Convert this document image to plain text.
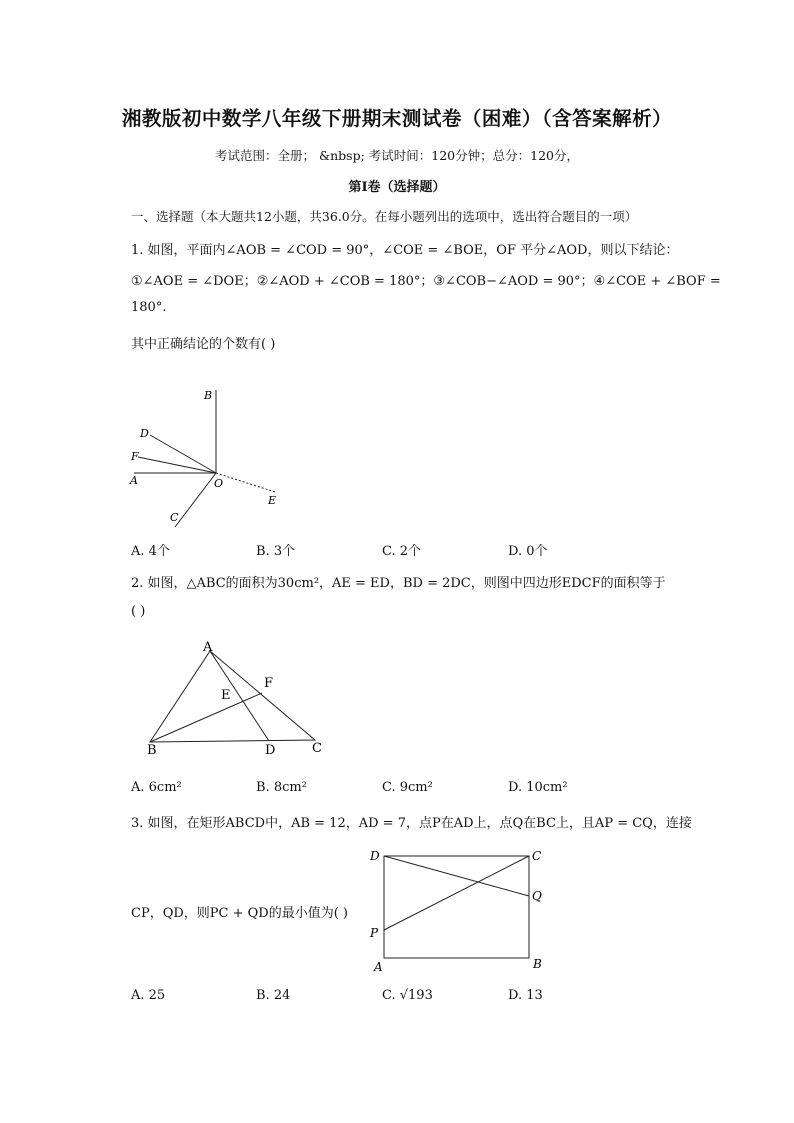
湘教版初中数学八年级下册期末测试卷（困难）（含答案解析）
考试范围：全册； &nbsp; 考试时间：120分钟；总分：120分，
第Ⅰ卷（选择题）
一、选择题（本大题共12小题，共36.0分。在每小题列出的选项中，选出符合题目的一项）
1. 如图，平面内∠AOB = ∠COD = 90°，∠COE = ∠BOE，OF 平分∠AOD，则以下结论：
①∠AOE = ∠DOE；②∠AOD + ∠COB = 180°；③∠COB−∠AOD = 90°；④∠COE + ∠BOF =
180°.
其中正确结论的个数有( )
B
D
F
A	O
E
C
A. 4个	B. 3个	C. 2个	D. 0个
2. 如图，△ABC的面积为30cm²，AE = ED，BD = 2DC，则图中四边形EDCF的面积等于
( )
A
E
F
B	D	C
A. 6cm²	B. 8cm²	C. 9cm²	D. 10cm²
3. 如图，在矩形ABCD中，AB = 12，AD = 7，点P在AD上，点Q在BC上，且AP = CQ，连接
CP，QD，则PC + QD的最小值为( )
D	C
Q
P
A	B
A. 25	B. 24	C. √193	D. 13
